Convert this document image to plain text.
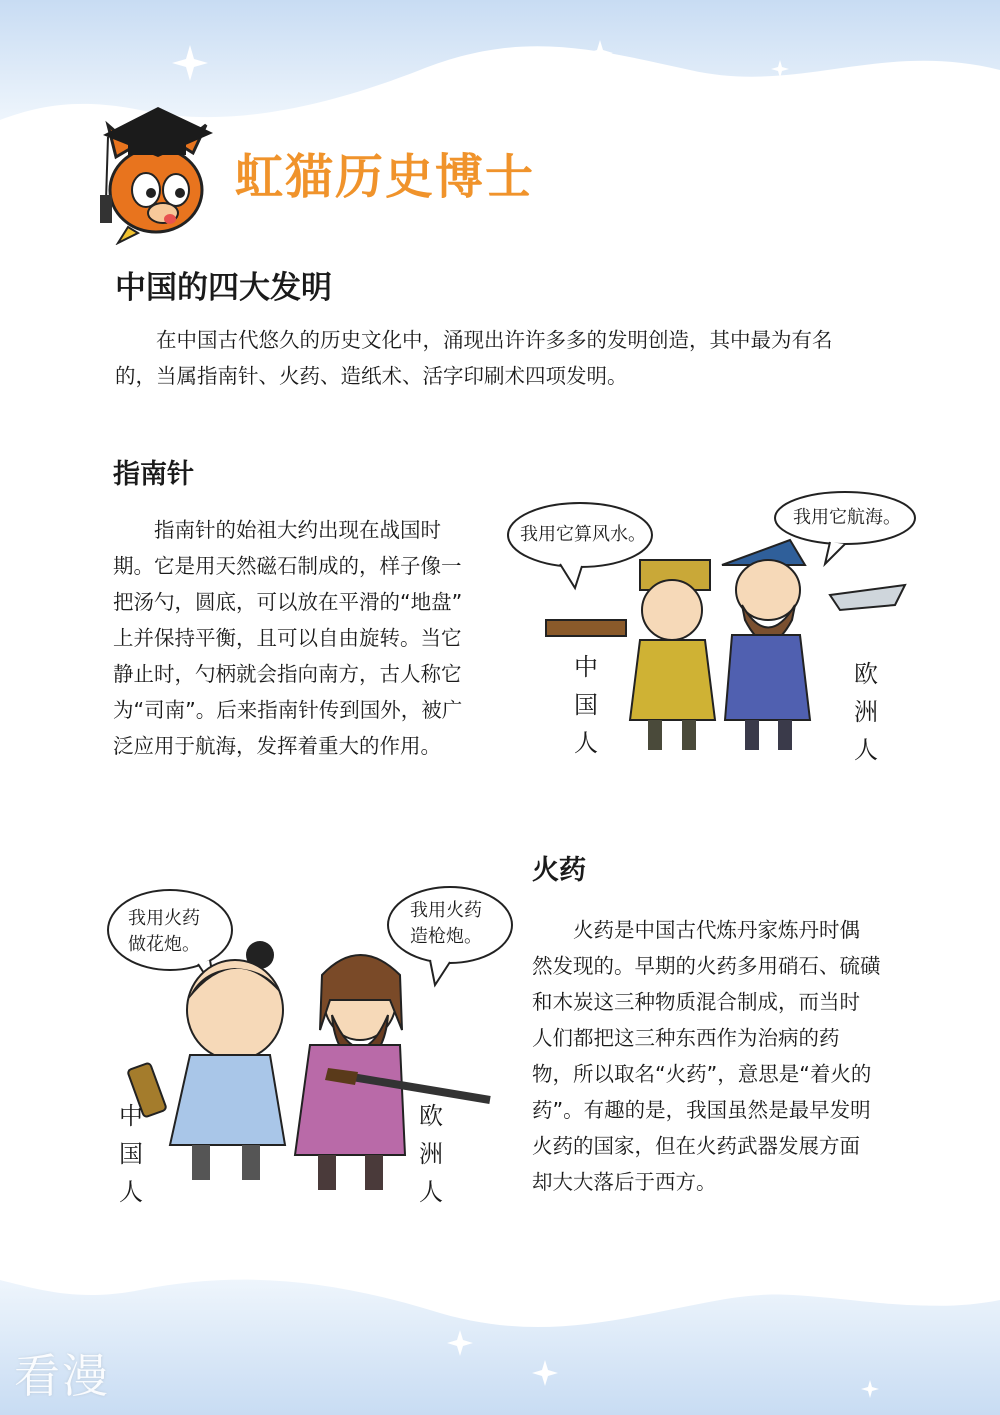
虹猫历史博士
中国的四大发明
在中国古代悠久的历史文化中，涌现出许许多多的发明创造，其中最为有名
的，当属指南针、火药、造纸术、活字印刷术四项发明。
指南针
指南针的始祖大约出现在战国时
期。它是用天然磁石制成的，样子像一
把汤勺，圆底，可以放在平滑的“地盘”
上并保持平衡，且可以自由旋转。当它
静止时，勺柄就会指向南方，古人称它
为“司南”。后来指南针传到国外，被广
泛应用于航海，发挥着重大的作用。
我用它算风水。
我用它航海。
中
国
人
欧
洲
人
火药
火药是中国古代炼丹家炼丹时偶
然发现的。早期的火药多用硝石、硫磺
和木炭这三种物质混合制成，而当时
人们都把这三种东西作为治病的药
物，所以取名“火药”，意思是“着火的
药”。有趣的是，我国虽然是最早发明
火药的国家，但在火药武器发展方面
却大大落后于西方。
我用火药
做花炮。
我用火药
造枪炮。
中
国
人
欧
洲
人
看漫
